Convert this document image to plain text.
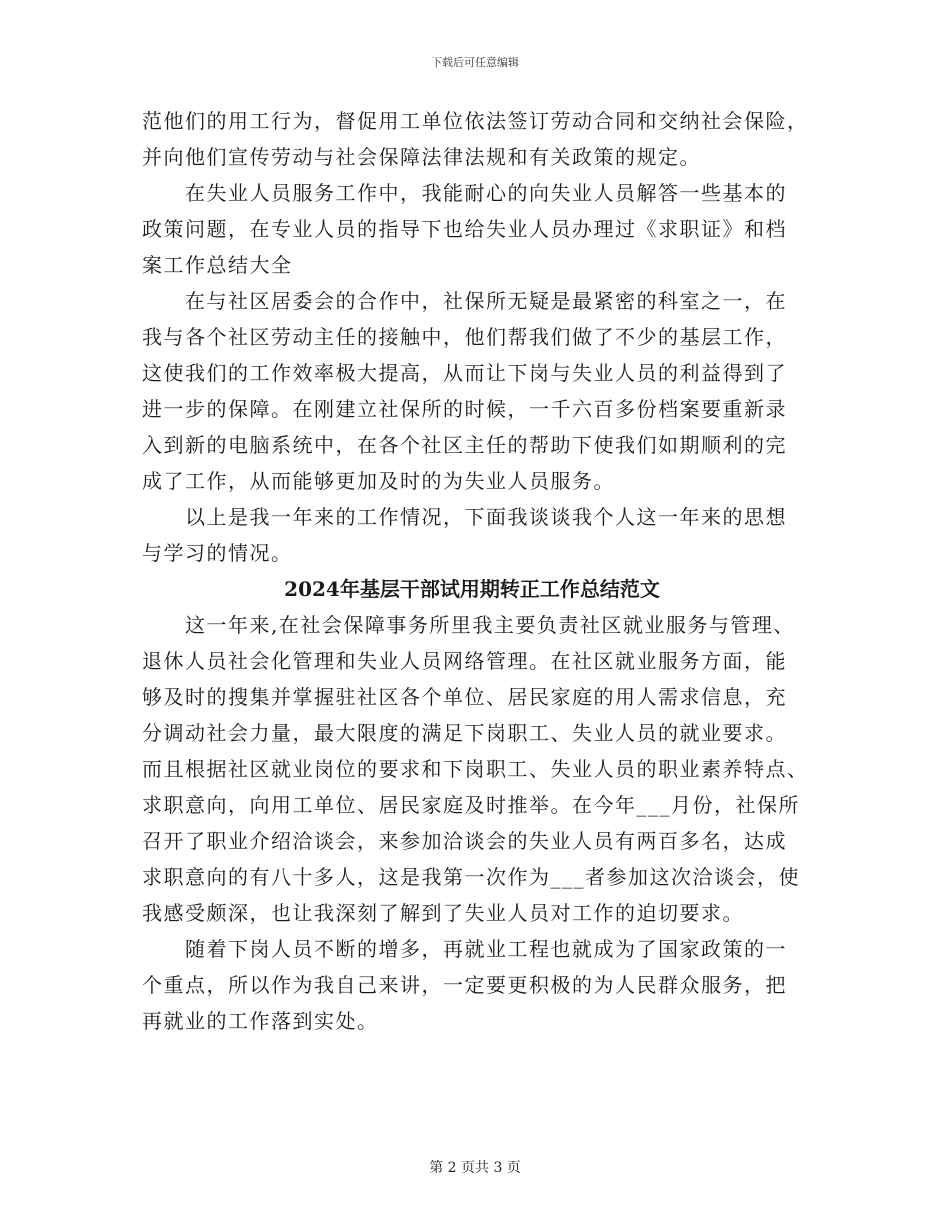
下载后可任意编辑
范他们的用工行为，督促用工单位依法签订劳动合同和交纳社会保险，
并向他们宣传劳动与社会保障法律法规和有关政策的规定。
　　在失业人员服务工作中，我能耐心的向失业人员解答一些基本的
政策问题，在专业人员的指导下也给失业人员办理过《求职证》和档
案工作总结大全
　　在与社区居委会的合作中，社保所无疑是最紧密的科室之一，在
我与各个社区劳动主任的接触中，他们帮我们做了不少的基层工作，
这使我们的工作效率极大提高，从而让下岗与失业人员的利益得到了
进一步的保障。在刚建立社保所的时候，一千六百多份档案要重新录
入到新的电脑系统中，在各个社区主任的帮助下使我们如期顺利的完
成了工作，从而能够更加及时的为失业人员服务。
　　以上是我一年来的工作情况，下面我谈谈我个人这一年来的思想
与学习的情况。
2024年基层干部试用期转正工作总结范文
　　这一年来,在社会保障事务所里我主要负责社区就业服务与管理、
退休人员社会化管理和失业人员网络管理。在社区就业服务方面，能
够及时的搜集并掌握驻社区各个单位、居民家庭的用人需求信息，充
分调动社会力量，最大限度的满足下岗职工、失业人员的就业要求。
而且根据社区就业岗位的要求和下岗职工、失业人员的职业素养特点、
求职意向，向用工单位、居民家庭及时推举。在今年___月份，社保所
召开了职业介绍洽谈会，来参加洽谈会的失业人员有两百多名，达成
求职意向的有八十多人，这是我第一次作为___者参加这次洽谈会，使
我感受颇深，也让我深刻了解到了失业人员对工作的迫切要求。
　　随着下岗人员不断的增多，再就业工程也就成为了国家政策的一
个重点，所以作为我自己来讲，一定要更积极的为人民群众服务，把
再就业的工作落到实处。
第 2 页共 3 页
